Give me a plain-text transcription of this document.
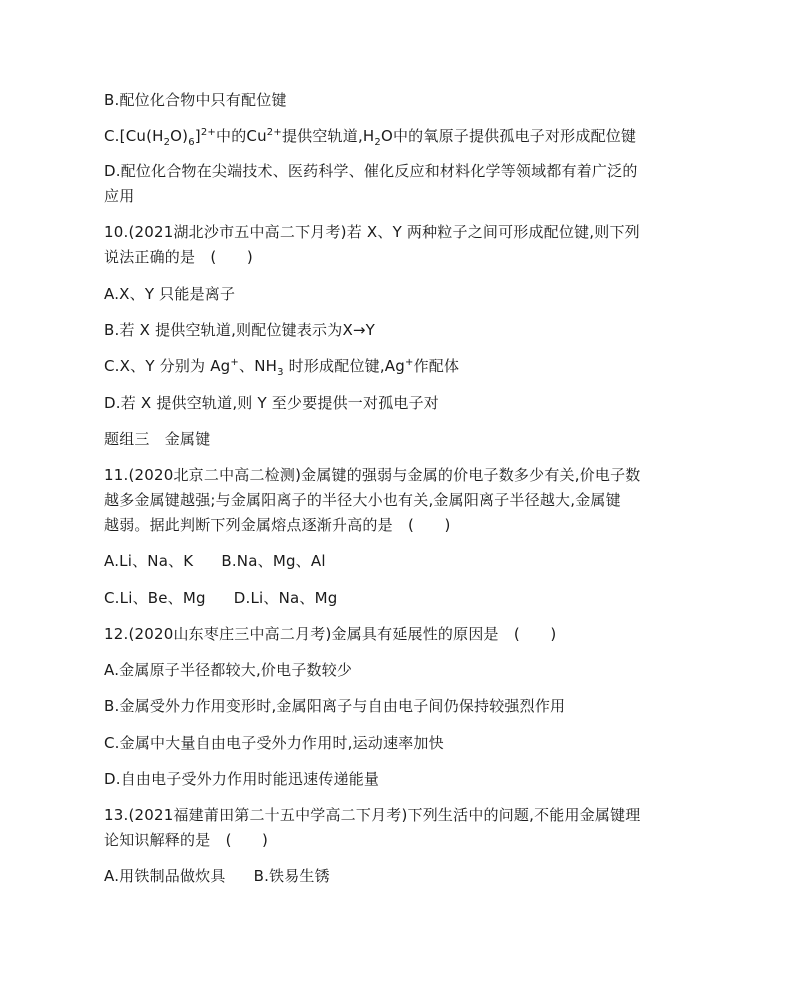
B.配位化合物中只有配位键
$C.[Cu(H_2O)_6]^{2+}$中的$Cu^{2+}$提供空轨道$,H_2O$中的氧原子提供孤电子对形成配位键
D.配位化合物在尖端技术、医药科学、催化反应和材料化学等领域都有着广泛的
应用
10.(2021湖北沙市五中高二下月考)若 X、Y 两种粒子之间可形成配位键,则下列
说法正确的是　(　　)
A.X、Y 只能是离子
B.若 X 提供空轨道,则配位键表示为X→Y
C.X、Y 分别为 Ag+、$NH_3$ 时形成配位键,Ag+作配体
D.若 X 提供空轨道,则 Y 至少要提供一对孤电子对
题组三　金属键
11.(2020北京二中高二检测)金属键的强弱与金属的价电子数多少有关,价电子数
越多金属键越强;与金属阳离子的半径大小也有关,金属阳离子半径越大,金属键
越弱。据此判断下列金属熔点逐渐升高的是　(　　)
A.Li、Na、K B.Na、Mg、Al
C.Li、Be、Mg D.Li、Na、Mg
12.(2020山东枣庄三中高二月考)金属具有延展性的原因是　(　　)
A.金属原子半径都较大,价电子数较少
B.金属受外力作用变形时,金属阳离子与自由电子间仍保持较强烈作用
C.金属中大量自由电子受外力作用时,运动速率加快
D.自由电子受外力作用时能迅速传递能量
13.(2021福建莆田第二十五中学高二下月考)下列生活中的问题,不能用金属键理
论知识解释的是　(　　)
A.用铁制品做炊具 B.铁易生锈
